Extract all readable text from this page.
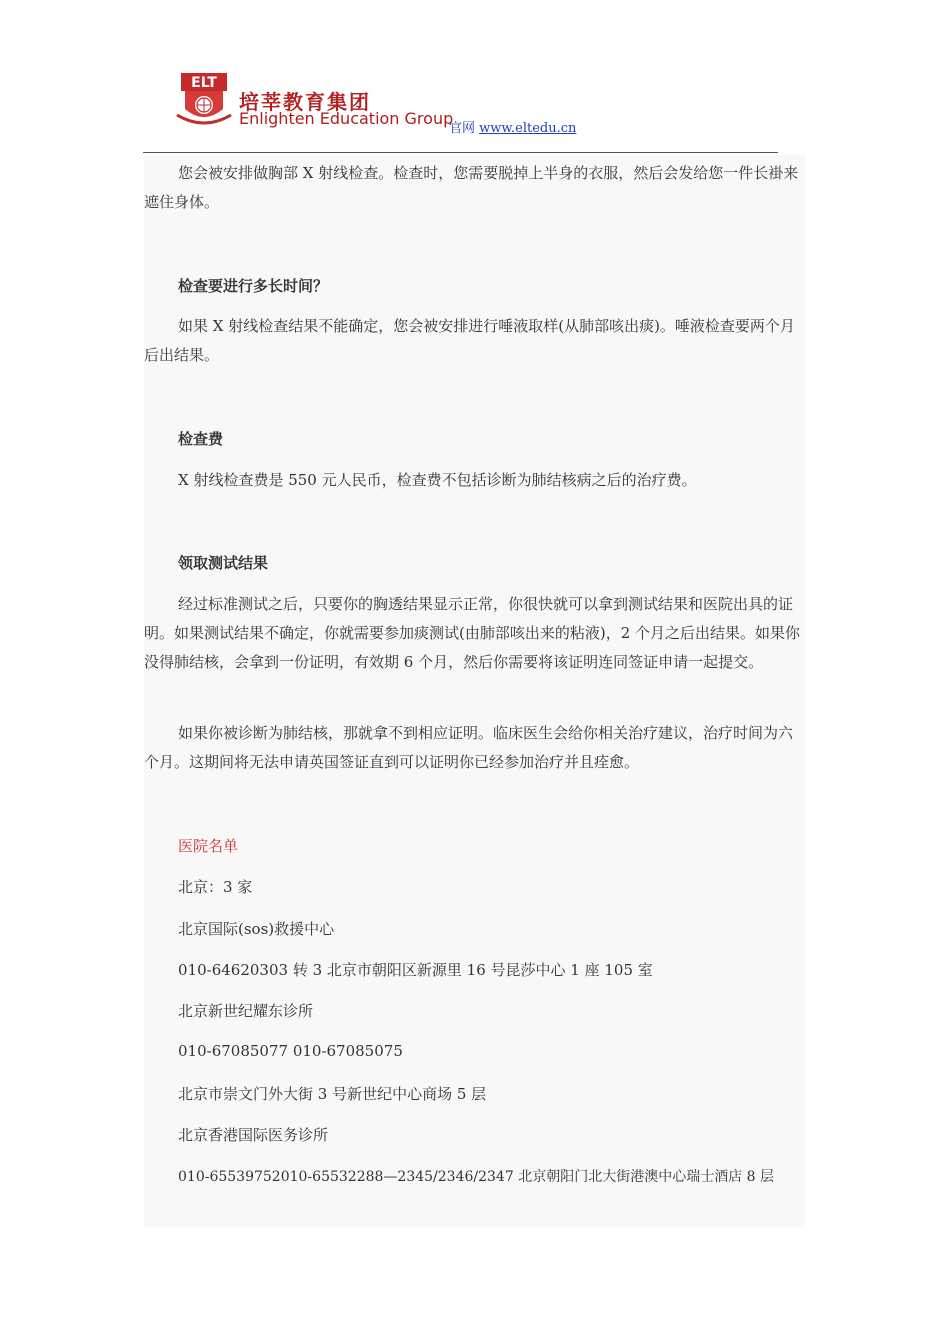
ELT
培莘教育集团
Enlighten Education Group
官网 www.eltedu.cn
您会被安排做胸部 X 射线检查。检查时，您需要脱掉上半身的衣服，然后会发给您一件长褂来遮住身体。
检查要进行多长时间？
如果 X 射线检查结果不能确定，您会被安排进行唾液取样(从肺部咳出痰)。唾液检查要两个月后出结果。
检查费
X 射线检查费是 550 元人民币，检查费不包括诊断为肺结核病之后的治疗费。
领取测试结果
经过标准测试之后，只要你的胸透结果显示正常，你很快就可以拿到测试结果和医院出具的证明。如果测试结果不确定，你就需要参加痰测试(由肺部咳出来的粘液)，2 个月之后出结果。如果你没得肺结核，会拿到一份证明，有效期 6 个月，然后你需要将该证明连同签证申请一起提交。
如果你被诊断为肺结核，那就拿不到相应证明。临床医生会给你相关治疗建议，治疗时间为六个月。这期间将无法申请英国签证直到可以证明你已经参加治疗并且痊愈。
医院名单
北京：3 家
北京国际(sos)救援中心
010-64620303 转 3 北京市朝阳区新源里 16 号昆莎中心 1 座 105 室
北京新世纪耀东诊所
010-67085077 010-67085075
北京市崇文门外大街 3 号新世纪中心商场 5 层
北京香港国际医务诊所
010-65539752010-65532288—2345/2346/2347 北京朝阳门北大街港澳中心瑞士酒店 8 层
